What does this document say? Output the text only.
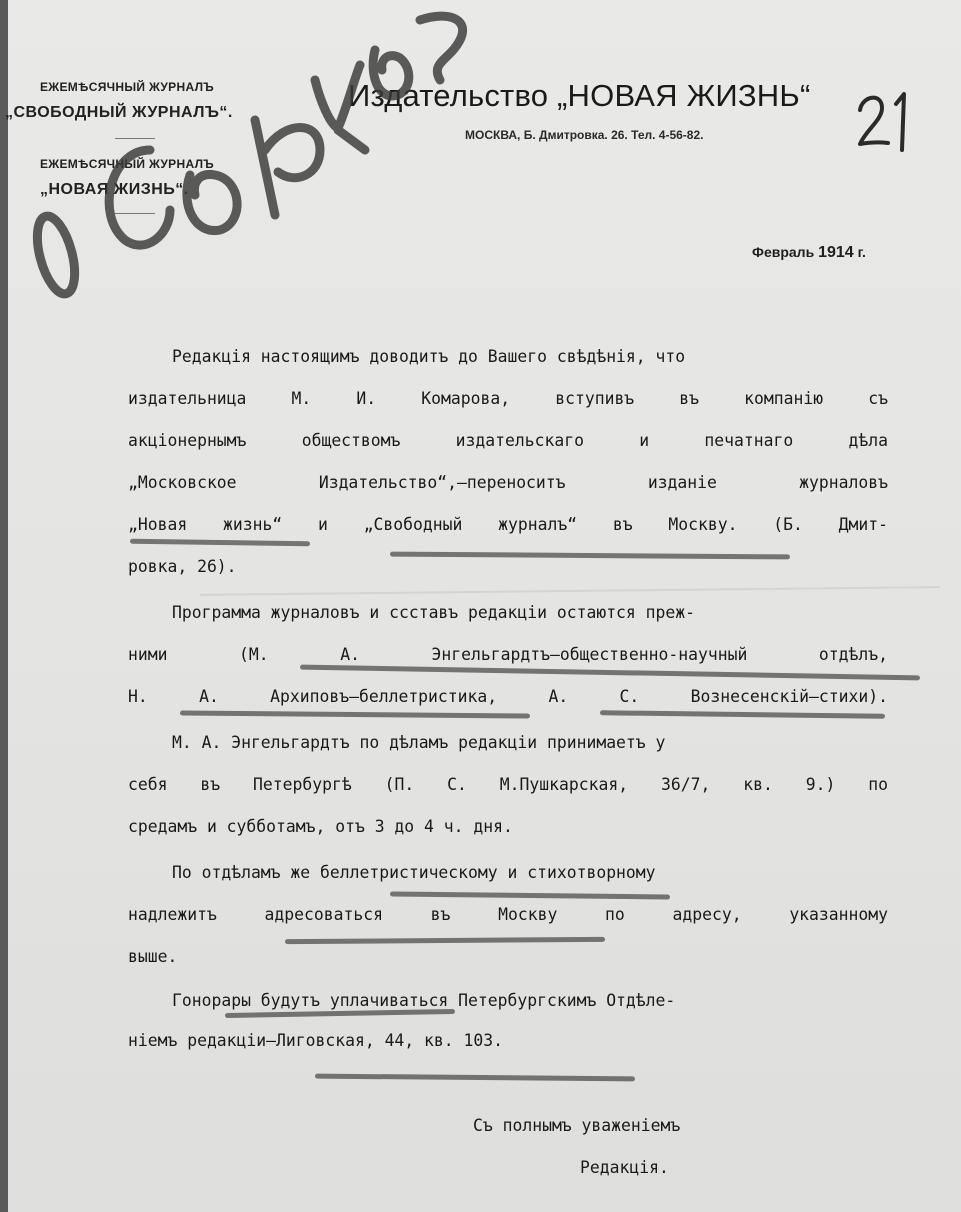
ЕЖЕМѢСЯЧНЫЙ ЖУРНАЛЪ
„СВОБОДНЫЙ ЖУРНАЛЪ“.
ЕЖЕМѢСЯЧНЫЙ ЖУРНАЛЪ
„НОВАЯ ЖИЗНЬ“.
Издательство „НОВАЯ ЖИЗНЬ“
МОСКВА, Б. Дмитровка. 26. Тел. 4-56-82.
Февраль 1914 г.
Редакція настоящимъ доводитъ до Вашего свѣдѣнія, что
издательница М. И. Комарова, вступивъ въ компанію съ
акціонернымъ обществомъ издательскаго и печатнаго дѣла
„Московское Издательство“,—переноситъ изданіе журналовъ
„Новая жизнь“ и „Свободный журналъ“ въ Москву. (Б. Дмит-
ровка, 26).
Программа журналовъ и ссставъ редакціи остаются преж-
ними (М. А. Энгельгардтъ—общественно-научный отдѣлъ,
Н. А. Архиповъ—беллетристика, А. С. Вознесенскій—стихи).
М. А. Энгельгардтъ по дѣламъ редакціи принимаетъ у
себя въ Петербургѣ (П. С. М.Пушкарская, 36/7, кв. 9.) по
средамъ и субботамъ, отъ 3 до 4 ч. дня.
По отдѣламъ же беллетристическому и стихотворному
надлежитъ адресоваться въ Москву по адресу, указанному
выше.
Гонорары будутъ уплачиваться Петербургскимъ Отдѣле-
ніемъ редакціи—Лиговская, 44, кв. 103.
Съ полнымъ уваженіемъ
Редакція.
